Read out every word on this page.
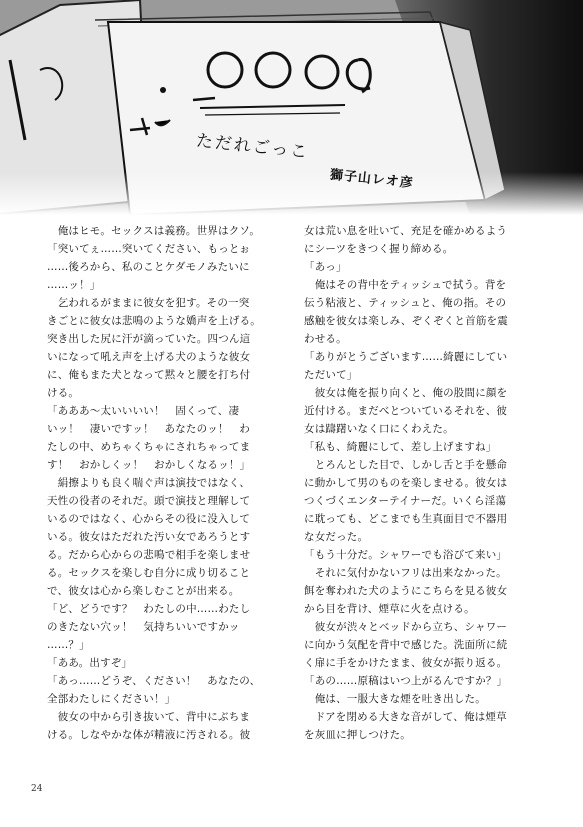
ただれごっこ
獅子山レオ彦

　俺はヒモ。セックスは義務。世界はクソ。

「突いてぇ……突いてください、もっとぉ

……後ろから、私のことケダモノみたいに

……ッ！」

　乞われるがままに彼女を犯す。その一突

きごとに彼女は悲鳴のような嬌声を上げる。

突き出した尻に汗が滴っていた。四つん這

いになって吼え声を上げる犬のような彼女

に、俺もまた犬となって黙々と腰を打ち付

ける。

「あああ～太いいいい！　固くって、凄

いッ！　凄いですッ！　あなたのッ！　わ

たしの中、めちゃくちゃにされちゃってま

す！　おかしくッ！　おかしくなるッ！」

　絹擦よりも良く喘ぐ声は演技ではなく、

天性の役者のそれだ。頭で演技と理解して

いるのではなく、心からその役に没入して

いる。彼女はただれた汚い女であろうとす

る。だから心からの悲鳴で相手を楽しませ

る。セックスを楽しむ自分に成り切ること

で、彼女は心から楽しむことが出来る。

「ど、どうです？　わたしの中……わたし

のきたない穴ッ！　気持ちいいですかッ

……？」

「ああ。出すぞ」

「あっ……どうぞ、ください！　あなたの、

全部わたしにください！」

　彼女の中から引き抜いて、背中にぶちま

ける。しなやかな体が精液に汚される。彼

女は荒い息を吐いて、充足を確かめるよう

にシーツをきつく握り締める。

「あっ」

　俺はその背中をティッシュで拭う。背を

伝う粘液と、ティッシュと、俺の指。その

感触を彼女は楽しみ、ぞくぞくと首筋を震

わせる。

「ありがとうございます……綺麗にしてい

ただいて」

　彼女は俺を振り向くと、俺の股間に顔を

近付ける。まだべとついているそれを、彼

女は躊躇いなく口にくわえた。

「私も、綺麗にして、差し上げますね」

　とろんとした目で、しかし舌と手を懸命

に動かして男のものを楽しませる。彼女は

つくづくエンターテイナーだ。いくら淫蕩

に耽っても、どこまでも生真面目で不器用

な女だった。

「もう十分だ。シャワーでも浴びて来い」

　それに気付かないフリは出来なかった。

餌を奪われた犬のようにこちらを見る彼女

から目を背け、煙草に火を点ける。

　彼女が渋々とベッドから立ち、シャワー

に向かう気配を背中で感じた。洗面所に続

く扉に手をかけたまま、彼女が振り返る。

「あの……原稿はいつ上がるんですか？」

　俺は、一服大きな煙を吐き出した。

　ドアを閉める大きな音がして、俺は煙草

を灰皿に押しつけた。

24
